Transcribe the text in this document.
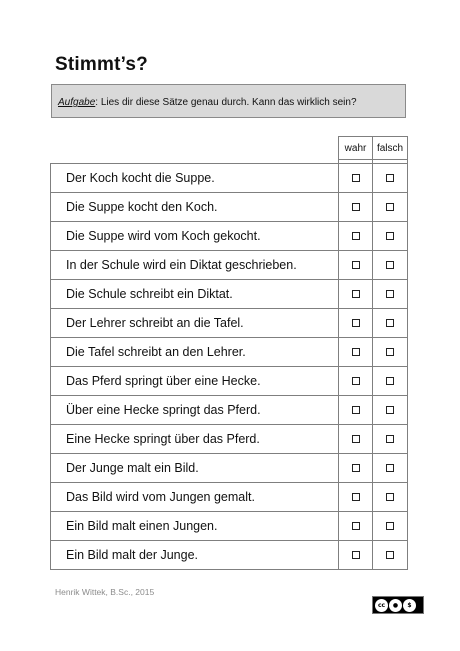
Stimmt’s?
Aufgabe: Lies dir diese Sätze genau durch. Kann das wirklich sein?
	wahr	falsch

Der Koch kocht die Suppe.		
Die Suppe kocht den Koch.		
Die Suppe wird vom Koch gekocht.		
In der Schule wird ein Diktat geschrieben.		
Die Schule schreibt ein Diktat.		
Der Lehrer schreibt an die Tafel.		
Die Tafel schreibt an den Lehrer.		
Das Pferd springt über eine Hecke.		
Über eine Hecke springt das Pferd.		
Eine Hecke springt über das Pferd.		
Der Junge malt ein Bild.		
Das Bild wird vom Jungen gemalt.		
Ein Bild malt einen Jungen.		
Ein Bild malt der Junge.		
Henrik Wittek, B.Sc., 2015
cc	●	$
